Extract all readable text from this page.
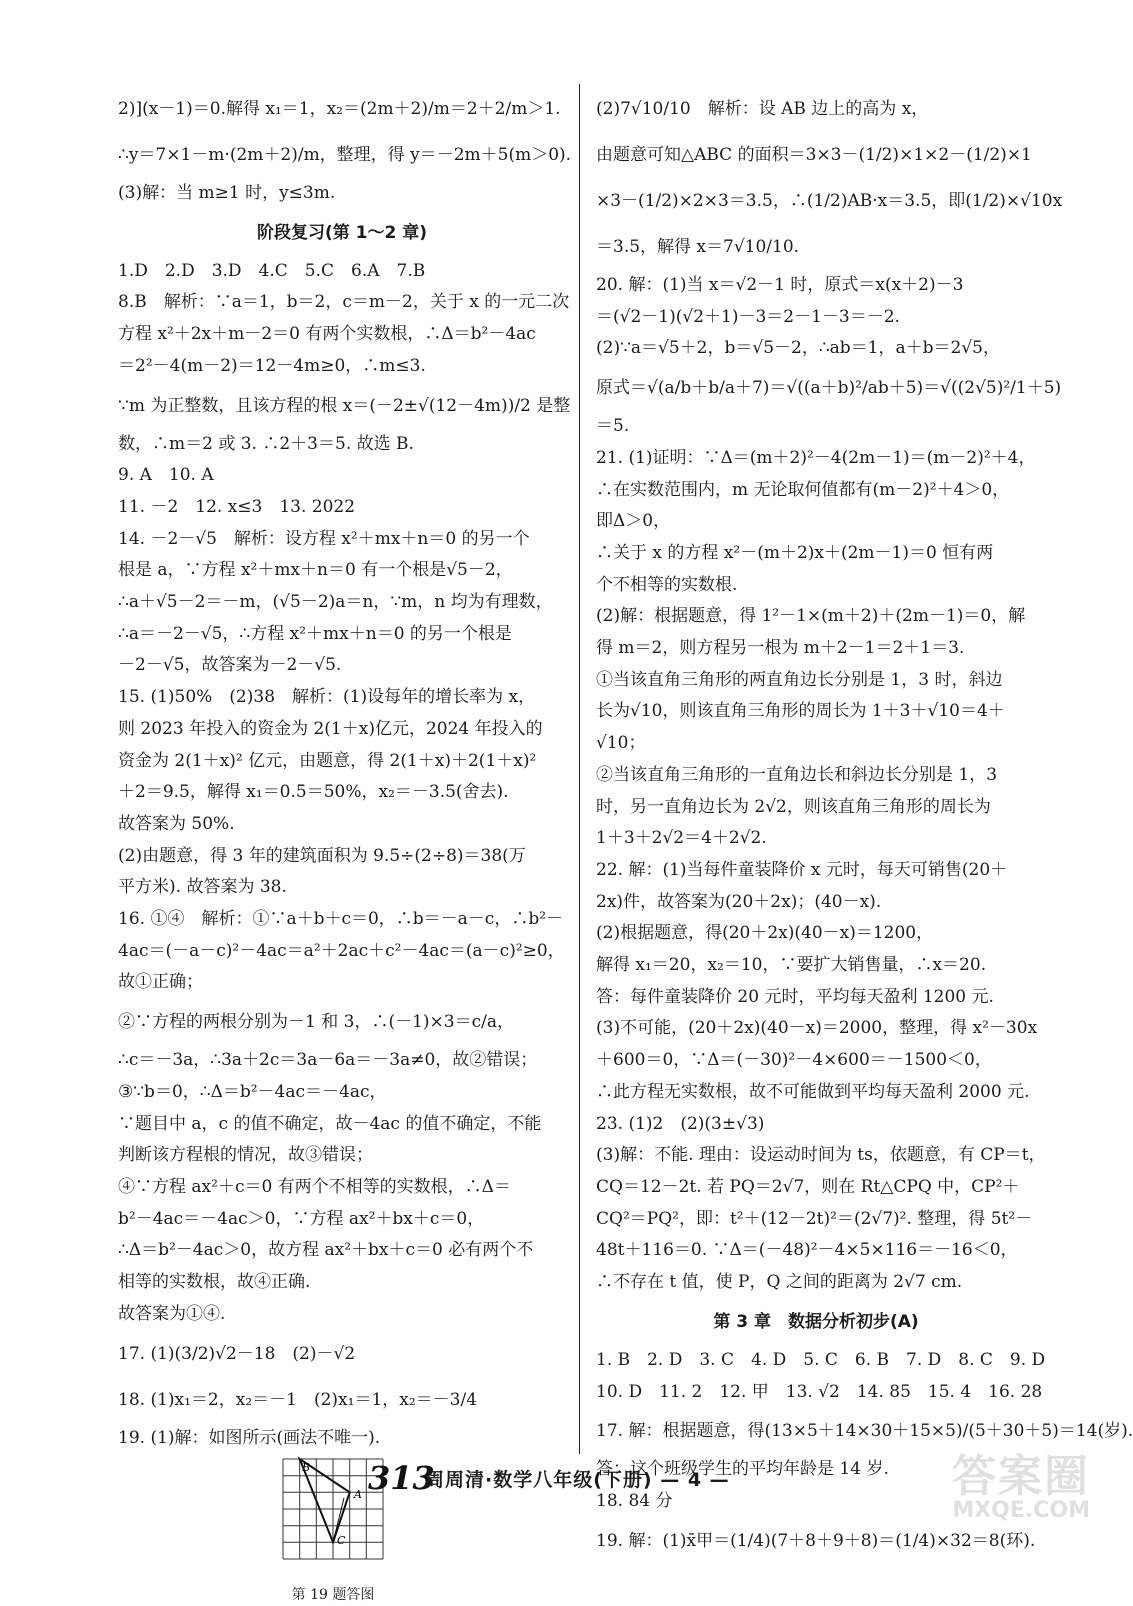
2)](x－1)＝0.解得 x₁＝1，x₂＝(2m＋2)/m＝2＋2/m＞1.
∴y＝7×1－m·(2m＋2)/m，整理，得 y＝－2m＋5(m＞0).
(3)解：当 m≥1 时，y≤3m.
阶段复习(第 1～2 章)
1.D　2.D　3.D　4.C　5.C　6.A　7.B
8.B　解析：∵a＝1，b＝2，c＝m－2，关于 x 的一元二次
方程 x²＋2x＋m－2＝0 有两个实数根，∴Δ＝b²－4ac
＝2²－4(m－2)＝12－4m≥0，∴m≤3.
∵m 为正整数，且该方程的根 x＝(－2±√(12－4m))/2 是整
数，∴m＝2 或 3. ∴2＋3＝5. 故选 B.
9. A　10. A
11. －2　12. x≤3　13. 2022
14. －2－√5　解析：设方程 x²＋mx＋n＝0 的另一个
根是 a，∵方程 x²＋mx＋n＝0 有一个根是√5－2，
∴a＋√5－2＝－m，(√5－2)a＝n，∵m，n 均为有理数，
∴a＝－2－√5，∴方程 x²＋mx＋n＝0 的另一个根是
－2－√5，故答案为－2－√5.
15. (1)50%　(2)38　解析：(1)设每年的增长率为 x，
则 2023 年投入的资金为 2(1＋x)亿元，2024 年投入的
资金为 2(1＋x)² 亿元，由题意，得 2(1＋x)＋2(1＋x)²
＋2＝9.5，解得 x₁＝0.5＝50%，x₂＝－3.5(舍去).
故答案为 50%.
(2)由题意，得 3 年的建筑面积为 9.5÷(2÷8)＝38(万
平方米). 故答案为 38.
16. ①④　解析：①∵a＋b＋c＝0，∴b＝－a－c，∴b²－
4ac＝(－a－c)²－4ac＝a²＋2ac＋c²－4ac＝(a－c)²≥0，
故①正确；
②∵方程的两根分别为－1 和 3，∴(－1)×3＝c/a，
∴c＝－3a，∴3a＋2c＝3a－6a＝－3a≠0，故②错误；
③∵b＝0，∴Δ＝b²－4ac＝－4ac，
∵题目中 a，c 的值不确定，故－4ac 的值不确定，不能
判断该方程根的情况，故③错误；
④∵方程 ax²＋c＝0 有两个不相等的实数根，∴Δ＝
b²－4ac＝－4ac＞0，∵方程 ax²＋bx＋c＝0，
∴Δ＝b²－4ac＞0，故方程 ax²＋bx＋c＝0 必有两个不
相等的实数根，故④正确.
故答案为①④.
17. (1)(3/2)√2－18　(2)－√2
18. (1)x₁＝2，x₂＝－1　(2)x₁＝1，x₂＝－3/4
19. (1)解：如图所示(画法不唯一).
B
A
C
第 19 题答图
(2)7√10/10　解析：设 AB 边上的高为 x，
由题意可知△ABC 的面积＝3×3－(1/2)×1×2－(1/2)×1
×3－(1/2)×2×3＝3.5，∴(1/2)AB·x＝3.5，即(1/2)×√10x
＝3.5，解得 x＝7√10/10.
20. 解：(1)当 x＝√2－1 时，原式＝x(x＋2)－3
＝(√2－1)(√2＋1)－3＝2－1－3＝－2.
(2)∵a＝√5＋2，b＝√5－2，∴ab＝1，a＋b＝2√5，
原式＝√(a/b＋b/a＋7)＝√((a＋b)²/ab＋5)＝√((2√5)²/1＋5)
＝5.
21. (1)证明：∵Δ＝(m＋2)²－4(2m－1)＝(m－2)²＋4，
∴在实数范围内，m 无论取何值都有(m－2)²＋4＞0，
即Δ＞0，
∴关于 x 的方程 x²－(m＋2)x＋(2m－1)＝0 恒有两
个不相等的实数根.
(2)解：根据题意，得 1²－1×(m＋2)＋(2m－1)＝0，解
得 m＝2，则方程另一根为 m＋2－1＝2＋1＝3.
①当该直角三角形的两直角边长分别是 1，3 时，斜边
长为√10，则该直角三角形的周长为 1＋3＋√10＝4＋
√10；
②当该直角三角形的一直角边长和斜边长分别是 1，3
时，另一直角边长为 2√2，则该直角三角形的周长为
1＋3＋2√2＝4＋2√2.
22. 解：(1)当每件童装降价 x 元时，每天可销售(20＋
2x)件，故答案为(20＋2x)；(40－x).
(2)根据题意，得(20＋2x)(40－x)＝1200，
解得 x₁＝20，x₂＝10，∵要扩大销售量，∴x＝20.
答：每件童装降价 20 元时，平均每天盈利 1200 元.
(3)不可能，(20＋2x)(40－x)＝2000，整理，得 x²－30x
＋600＝0，∵Δ＝(－30)²－4×600＝－1500＜0，
∴此方程无实数根，故不可能做到平均每天盈利 2000 元.
23. (1)2　(2)(3±√3)
(3)解：不能. 理由：设运动时间为 ts，依题意，有 CP＝t，
CQ＝12－2t. 若 PQ＝2√7，则在 Rt△CPQ 中，CP²＋
CQ²＝PQ²，即：t²＋(12－2t)²＝(2√7)². 整理，得 5t²－
48t＋116＝0. ∵Δ＝(－48)²－4×5×116＝－16＜0，
∴不存在 t 值，使 P，Q 之间的距离为 2√7 cm.
第 3 章　数据分析初步(A)
1. B　2. D　3. C　4. D　5. C　6. B　7. D　8. C　9. D
10. D　11. 2　12. 甲　13. √2　14. 85　15. 4　16. 28
17. 解：根据题意，得(13×5＋14×30＋15×5)/(5＋30＋5)＝14(岁).
答：这个班级学生的平均年龄是 14 岁.
18. 84 分
19. 解：(1)x̄甲＝(1/4)(7＋8＋9＋8)＝(1/4)×32＝8(环).
313
周周清·数学八年级(下册) — 4 —	答案圈
MXQE.COM
